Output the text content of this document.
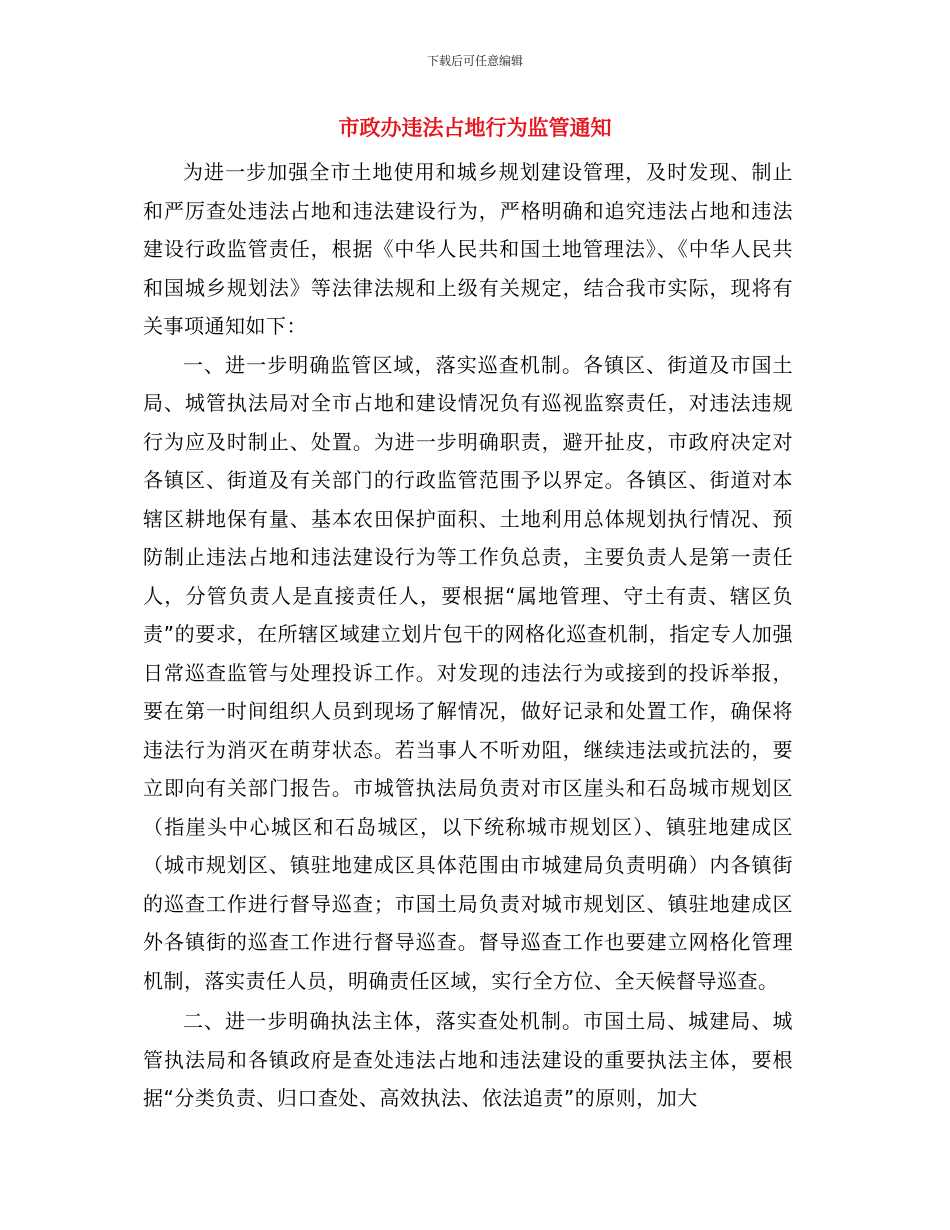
下载后可任意编辑
市政办违法占地行为监管通知

为进一步加强全市土地使用和城乡规划建设管理，及时发现、制止和严厉查处违法占地和违法建设行为，严格明确和追究违法占地和违法建设行政监管责任，根据《中华人民共和国土地管理法》、《中华人民共和国城乡规划法》等法律法规和上级有关规定，结合我市实际，现将有关事项通知如下：

一、进一步明确监管区域，落实巡查机制。各镇区、街道及市国土局、城管执法局对全市占地和建设情况负有巡视监察责任，对违法违规行为应及时制止、处置。为进一步明确职责，避开扯皮，市政府决定对各镇区、街道及有关部门的行政监管范围予以界定。各镇区、街道对本辖区耕地保有量、基本农田保护面积、土地利用总体规划执行情况、预防制止违法占地和违法建设行为等工作负总责，主要负责人是第一责任人，分管负责人是直接责任人，要根据“属地管理、守土有责、辖区负责”的要求，在所辖区域建立划片包干的网格化巡查机制，指定专人加强日常巡查监管与处理投诉工作。对发现的违法行为或接到的投诉举报，要在第一时间组织人员到现场了解情况，做好记录和处置工作，确保将违法行为消灭在萌芽状态。若当事人不听劝阻，继续违法或抗法的，要立即向有关部门报告。市城管执法局负责对市区崖头和石岛城市规划区（指崖头中心城区和石岛城区，以下统称城市规划区）、镇驻地建成区（城市规划区、镇驻地建成区具体范围由市城建局负责明确）内各镇街的巡查工作进行督导巡查；市国土局负责对城市规划区、镇驻地建成区外各镇街的巡查工作进行督导巡查。督导巡查工作也要建立网格化管理机制，落实责任人员，明确责任区域，实行全方位、全天候督导巡查。

二、进一步明确执法主体，落实查处机制。市国土局、城建局、城管执法局和各镇政府是查处违法占地和违法建设的重要执法主体，要根据“分类负责、归口查处、高效执法、依法追责”的原则，加大
